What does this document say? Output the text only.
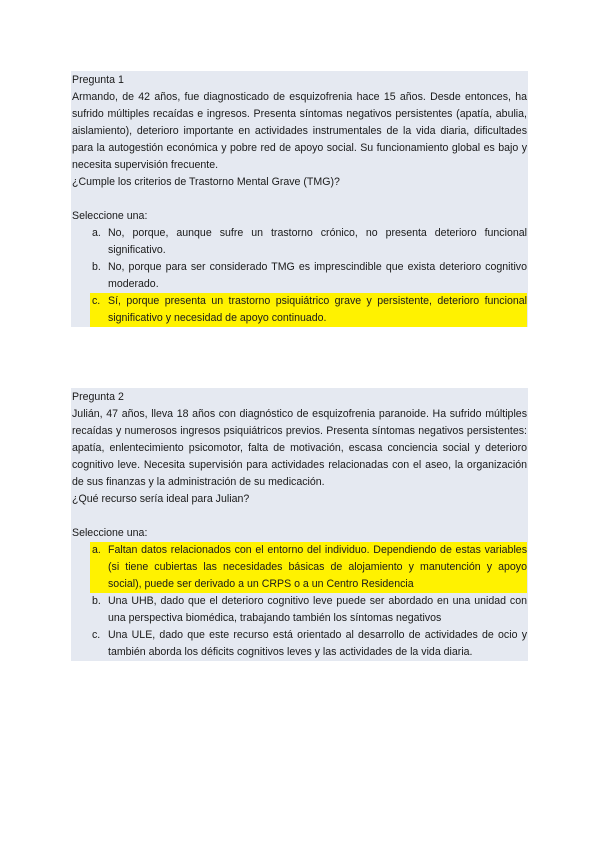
Pregunta 1

Armando, de 42 años, fue diagnosticado de esquizofrenia hace 15 años. Desde entonces, ha sufrido múltiples recaídas e ingresos. Presenta síntomas negativos persistentes (apatía, abulia, aislamiento), deterioro importante en actividades instrumentales de la vida diaria, dificultades para la autogestión económica y pobre red de apoyo social. Su funcionamiento global es bajo y necesita supervisión frecuente.

¿Cumple los criterios de Trastorno Mental Grave (TMG)?

Seleccione una:

a. No, porque, aunque sufre un trastorno crónico, no presenta deterioro funcional significativo.
b. No, porque para ser considerado TMG es imprescindible que exista deterioro cognitivo moderado.
c. Sí, porque presenta un trastorno psiquiátrico grave y persistente, deterioro funcional significativo y necesidad de apoyo continuado.

Pregunta 2

Julián, 47 años, lleva 18 años con diagnóstico de esquizofrenia paranoide. Ha sufrido múltiples recaídas y numerosos ingresos psiquiátricos previos. Presenta síntomas negativos persistentes: apatía, enlentecimiento psicomotor, falta de motivación, escasa conciencia social y deterioro cognitivo leve. Necesita supervisión para actividades relacionadas con el aseo, la organización de sus finanzas y la administración de su medicación.

¿Qué recurso sería ideal para Julian?

Seleccione una:

a. Faltan datos relacionados con el entorno del individuo. Dependiendo de estas variables (si tiene cubiertas las necesidades básicas de alojamiento y manutención y apoyo social), puede ser derivado a un CRPS o a un Centro Residencia
b. Una UHB, dado que el deterioro cognitivo leve puede ser abordado en una unidad con una perspectiva biomédica, trabajando también los síntomas negativos
c. Una ULE, dado que este recurso está orientado al desarrollo de actividades de ocio y también aborda los déficits cognitivos leves y las actividades de la vida diaria.
